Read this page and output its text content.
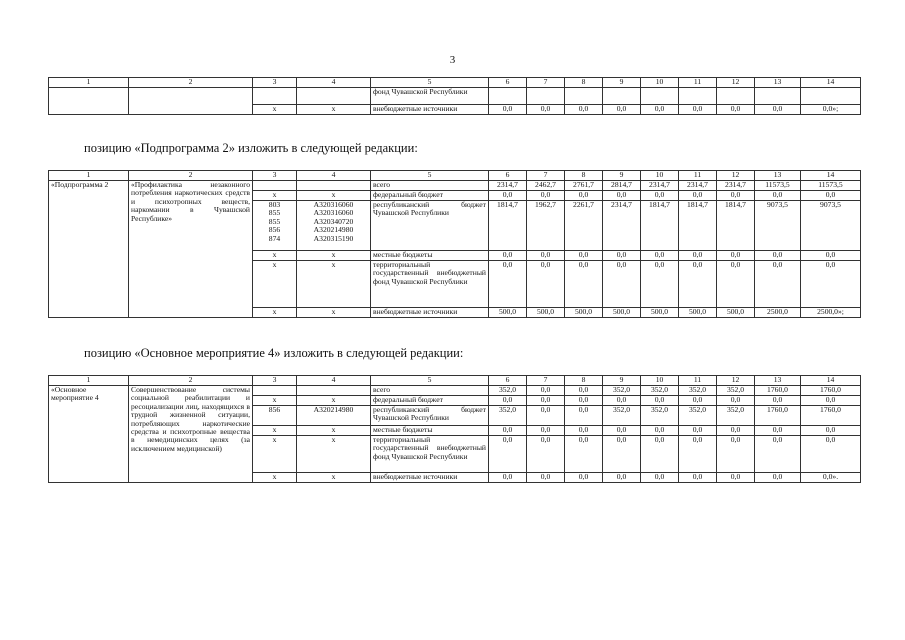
3
1	2	3	4	5	6	7	8	9	10	11	12	13	14
				фонд Чувашской Республики									
		х	х	внебюджетные источники	0,0	0,0	0,0	0,0	0,0	0,0	0,0	0,0	0,0»;
позицию «Подпрограмма 2» изложить в следующей редакции:
1	2	3	4	5	6	7	8	9	10	11	12	13	14
«Подпрограмма 2	«Профилактика незаконного потребления наркотических средств и психотропных веществ, наркомании в Чувашской Республике»			всего	2314,7	2462,7	2761,7	2814,7	2314,7	2314,7	2314,7	11573,5	11573,5
		х	х	федеральный бюджет	0,0	0,0	0,0	0,0	0,0	0,0	0,0	0,0	0,0

		803
855
855
856
874	А320316060
А320316060
А320340720
А320214980
А320315190	республиканский бюджет Чувашской Республики	1814,7	1962,7	2261,7	2314,7	1814,7	1814,7	1814,7	9073,5	9073,5
		х	х	местные бюджеты	0,0	0,0	0,0	0,0	0,0	0,0	0,0	0,0	0,0
		х	х	территориальный государственный внебюджетный фонд Чувашской Республики	0,0	0,0	0,0	0,0	0,0	0,0	0,0	0,0	0,0
		х	х	внебюджетные источники	500,0	500,0	500,0	500,0	500,0	500,0	500,0	2500,0	2500,0»;
позицию «Основное мероприятие 4» изложить в следующей редакции:
1	2	3	4	5	6	7	8	9	10	11	12	13	14
«Основное мероприятие 4	Совершенствование системы социальной реабилитации и ресоциализации лиц, находящихся в трудной жизненной ситуации, потребляющих наркотические средства и психотропные вещества в немедицинских целях (за исключением медицинской)			всего	352,0	0,0	0,0	352,0	352,0	352,0	352,0	1760,0	1760,0
		х	х	федеральный бюджет	0,0	0,0	0,0	0,0	0,0	0,0	0,0	0,0	0,0
		856	А320214980	республиканский бюджет Чувашской Республики	352,0	0,0	0,0	352,0	352,0	352,0	352,0	1760,0	1760,0
		х	х	местные бюджеты	0,0	0,0	0,0	0,0	0,0	0,0	0,0	0,0	0,0
		х	х	территориальный государственный внебюджетный фонд Чувашской Республики	0,0	0,0	0,0	0,0	0,0	0,0	0,0	0,0	0,0
		х	х	внебюджетные источники	0,0	0,0	0,0	0,0	0,0	0,0	0,0	0,0	0,0».
